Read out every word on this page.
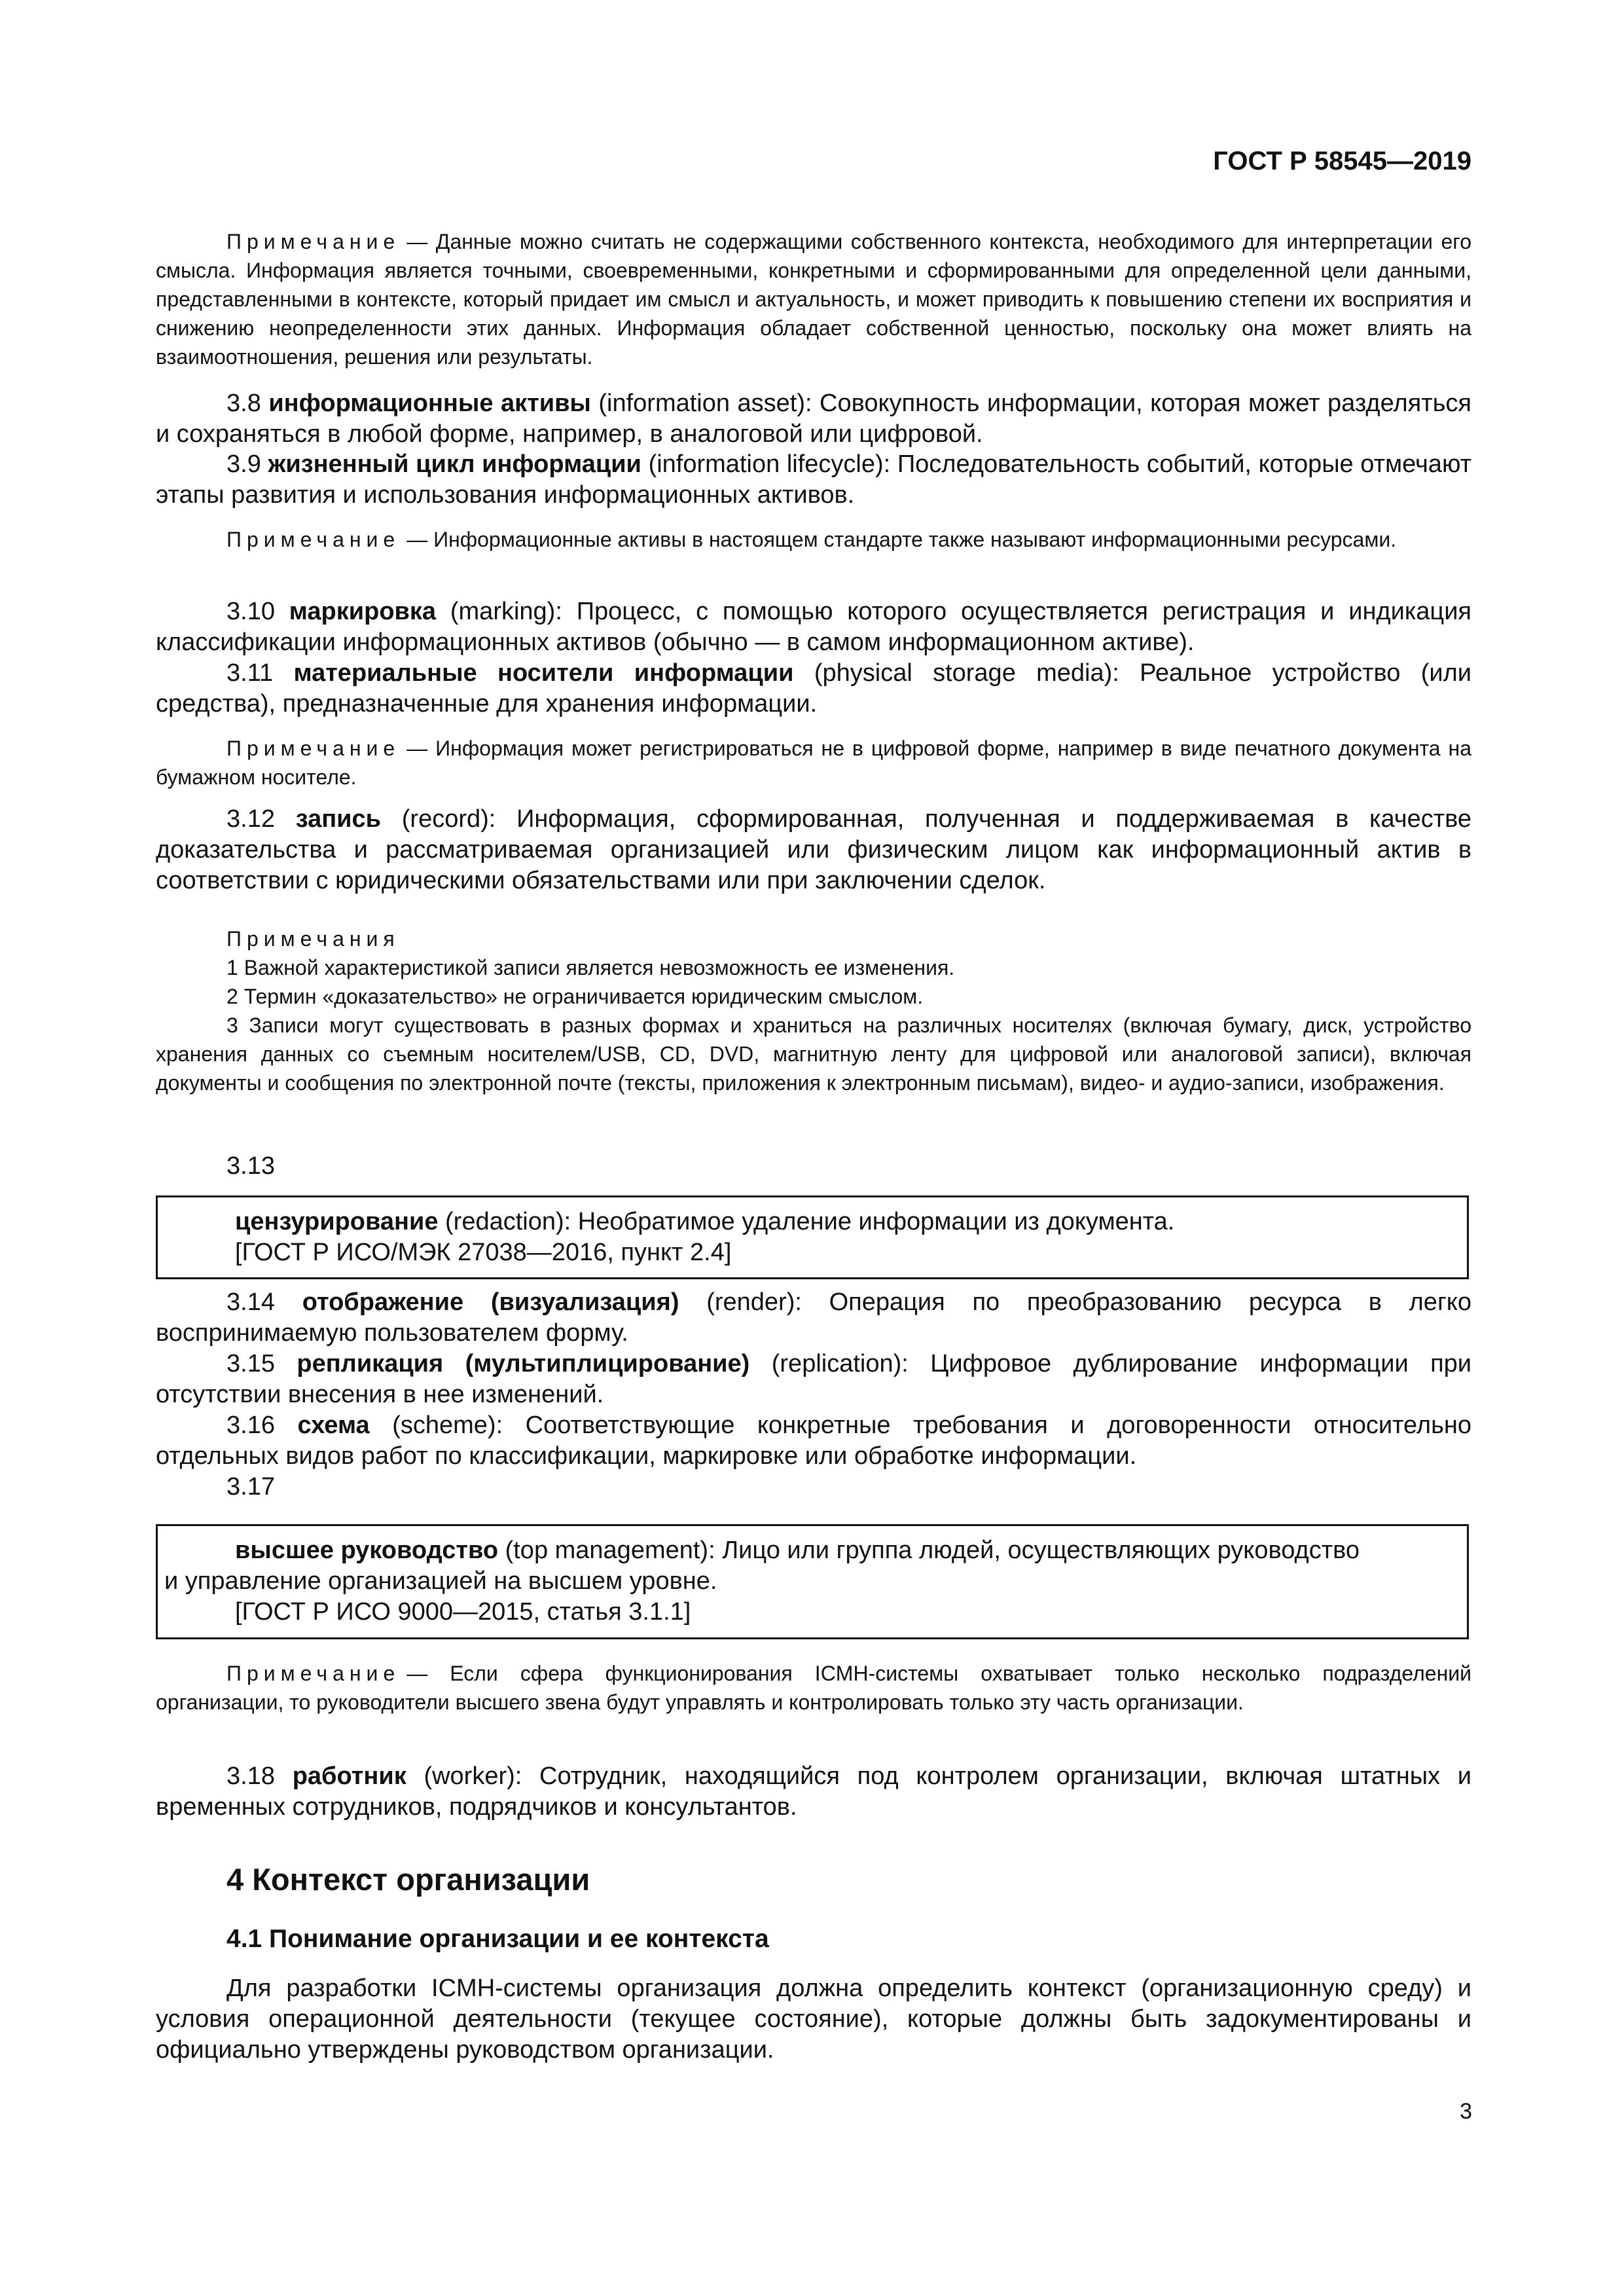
ГОСТ Р 58545—2019
Примечание — Данные можно считать не содержащими собственного контекста, необходимого для интерпретации его смысла. Информация является точными, своевременными, конкретными и сформированными для определенной цели данными, представленными в контексте, который придает им смысл и актуальность, и может приводить к повышению степени их восприятия и снижению неопределенности этих данных. Информация обладает собственной ценностью, поскольку она может влиять на взаимоотношения, решения или результаты.
3.8 информационные активы (information asset): Совокупность информации, которая может разделяться и сохраняться в любой форме, например, в аналоговой или цифровой.
3.9 жизненный цикл информации (information lifecycle): Последовательность событий, которые отмечают этапы развития и использования информационных активов.
Примечание — Информационные активы в настоящем стандарте также называют информационными ресурсами.
3.10 маркировка (marking): Процесс, с помощью которого осуществляется регистрация и индикация классификации информационных активов (обычно — в самом информационном активе).
3.11 материальные носители информации (physical storage media): Реальное устройство (или средства), предназначенные для хранения информации.
Примечание — Информация может регистрироваться не в цифровой форме, например в виде печатного документа на бумажном носителе.
3.12 запись (record): Информация, сформированная, полученная и поддерживаемая в качестве доказательства и рассматриваемая организацией или физическим лицом как информационный актив в соответствии с юридическими обязательствами или при заключении сделок.
Примечания
1 Важной характеристикой записи является невозможность ее изменения.
2 Термин «доказательство» не ограничивается юридическим смыслом.
3 Записи могут существовать в разных формах и храниться на различных носителях (включая бумагу, диск, устройство хранения данных со съемным носителем/USB, CD, DVD, магнитную ленту для цифровой или аналоговой записи), включая документы и сообщения по электронной почте (тексты, приложения к электронным письмам), видео- и аудио-записи, изображения.
3.13
цензурирование (redaction): Необратимое удаление информации из документа.
[ГОСТ Р ИСО/МЭК 27038—2016, пункт 2.4]
3.14 отображение (визуализация) (render): Операция по преобразованию ресурса в легко воспринимаемую пользователем форму.
3.15 репликация (мультиплицирование) (replication): Цифровое дублирование информации при отсутствии внесения в нее изменений.
3.16 схема (scheme): Соответствующие конкретные требования и договоренности относительно отдельных видов работ по классификации, маркировке или обработке информации.
3.17
высшее руководство (top management): Лицо или группа людей, осуществляющих руководство
и управление организацией на высшем уровне.
[ГОСТ Р ИСО 9000—2015, статья 3.1.1]
Примечание — Если сфера функционирования ICMH-системы охватывает только несколько подразделений организации, то руководители высшего звена будут управлять и контролировать только эту часть организации.
3.18 работник (worker): Сотрудник, находящийся под контролем организации, включая штатных и временных сотрудников, подрядчиков и консультантов.
4 Контекст организации
4.1 Понимание организации и ее контекста
Для разработки ICMH-системы организация должна определить контекст (организационную среду) и условия операционной деятельности (текущее состояние), которые должны быть задокументированы и официально утверждены руководством организации.
3
